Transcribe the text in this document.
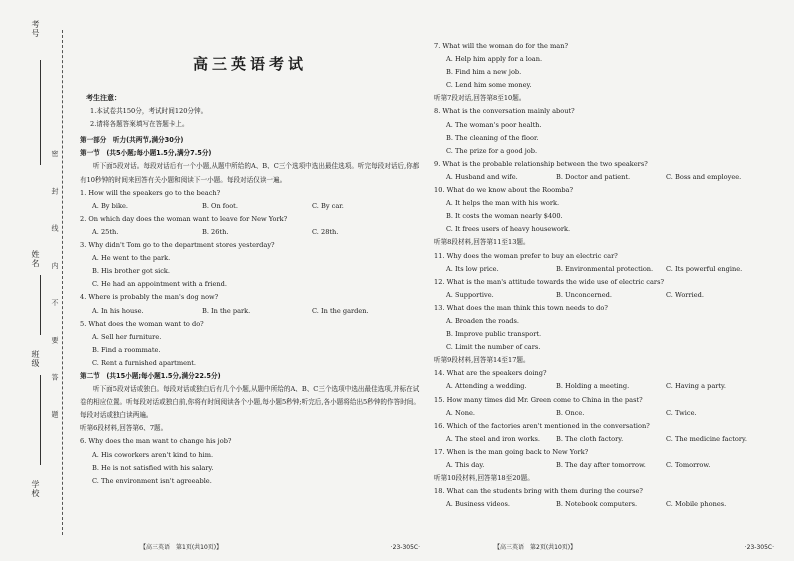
考号
姓名
班级
学校
密 封 线 内 不 要 答 题
高三英语考试
考生注意：
1.本试卷共150分，考试时间120分钟。
2.请将各题答案填写在答题卡上。
第一部分　听力(共两节,满分30分)
第一节　(共5小题;每小题1.5分,满分7.5分)
听下面5段对话。每段对话后有一个小题,从题中所给的A、B、C三个选项中选出最佳选项。听完每段对话后,你都有10秒钟的时间来回答有关小题和阅读下一小题。每段对话仅读一遍。
1. How will the speakers go to the beach?
A. By bike.	B. On foot.	C. By car.
2. On which day does the woman want to leave for New York?
A. 25th.	B. 26th.	C. 28th.
3. Why didn't Tom go to the department stores yesterday?
A. He went to the park.
B. His brother got sick.
C. He had an appointment with a friend.
4. Where is probably the man's dog now?
A. In his house.	B. In the park.	C. In the garden.
5. What does the woman want to do?
A. Sell her furniture.
B. Find a roommate.
C. Rent a furnished apartment.
第二节　(共15小题;每小题1.5分,满分22.5分)
听下面5段对话或独白。每段对话或独白后有几个小题,从题中所给的A、B、C三个选项中选出最佳选项,并标在试卷的相应位置。听每段对话或独白前,你将有时间阅读各个小题,每小题5秒钟;听完后,各小题将给出5秒钟的作答时间。每段对话或独白读两遍。
听第6段材料,回答第6、7题。
6. Why does the man want to change his job?
A. His coworkers aren't kind to him.
B. He is not satisfied with his salary.
C. The environment isn't agreeable.
【高三英语　第1页(共10页)】	·23-305C·
7. What will the woman do for the man?
A. Help him apply for a loan.
B. Find him a new job.
C. Lend him some money.
听第7段对话,回答第8至10题。
8. What is the conversation mainly about?
A. The woman's poor health.
B. The cleaning of the floor.
C. The prize for a good job.
9. What is the probable relationship between the two speakers?
A. Husband and wife.	B. Doctor and patient.	C. Boss and employee.
10. What do we know about the Roomba?
A. It helps the man with his work.
B. It costs the woman nearly $400.
C. It frees users of heavy housework.
听第8段材料,回答第11至13题。
11. Why does the woman prefer to buy an electric car?
A. Its low price.	B. Environmental protection.	C. Its powerful engine.
12. What is the man's attitude towards the wide use of electric cars?
A. Supportive.	B. Unconcerned.	C. Worried.
13. What does the man think this town needs to do?
A. Broaden the roads.
B. Improve public transport.
C. Limit the number of cars.
听第9段材料,回答第14至17题。
14. What are the speakers doing?
A. Attending a wedding.	B. Holding a meeting.	C. Having a party.
15. How many times did Mr. Green come to China in the past?
A. None.	B. Once.	C. Twice.
16. Which of the factories aren't mentioned in the conversation?
A. The steel and iron works.	B. The cloth factory.	C. The medicine factory.
17. When is the man going back to New York?
A. This day.	B. The day after tomorrow.	C. Tomorrow.
听第10段材料,回答第18至20题。
18. What can the students bring with them during the course?
A. Business videos.	B. Notebook computers.	C. Mobile phones.
【高三英语　第2页(共10页)】	·23-305C·
